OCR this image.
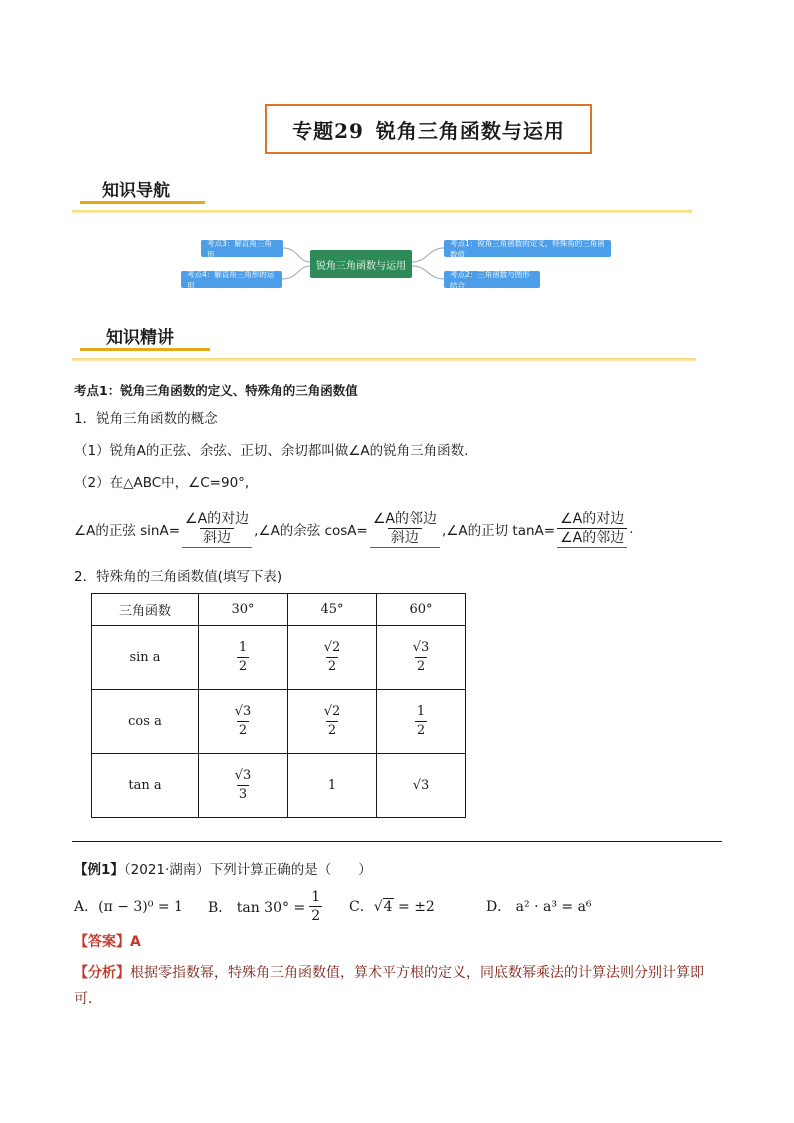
专题29 锐角三角函数与运用
知识导航
考点3：解直角三角形
考点4：解直角三角形的运用
锐角三角函数与运用
考点1：锐角三角函数的定义、特殊角的三角函数值
考点2：三角函数与图形结合
知识精讲
考点1：锐角三角函数的定义、特殊角的三角函数值
1．锐角三角函数的概念
（1）锐角A的正弦、余弦、正切、余切都叫做∠A的锐角三角函数.
（2）在△ABC中，∠C=90°,
∠A的正弦 $\sin A= \frac{\text{∠A的对边}}{\text{斜边}}$ ,∠A的余弦 $\cos A= \frac{\text{∠A的邻边}}{\text{斜边}}$ ,∠A的正切 $\tan A= \frac{\text{∠A的对边}}{\text{∠A的邻边}}$ .
2．特殊角的三角函数值(填写下表)
三角函数	30°	45°	60°
sin a	$\frac{1}{2}$	$\frac{√2}{2}$	$\frac{√3}{2}$

cos a	$\frac{√3}{2}$	$\frac{√2}{2}$	$\frac{1}{2}$

tan a	$\frac{√3}{3}$	1	√3
【例1】（2021·湖南）下列计算正确的是（　　）
A．(π − 3)⁰ = 1 B． $\tan 30^\circ = \frac{1}{2}$ C．√4 = ±2	D． a² · a³ = a⁶
【答案】A
【分析】根据零指数幂，特殊角三角函数值，算术平方根的定义，同底数幂乘法的计算法则分别计算即可．
